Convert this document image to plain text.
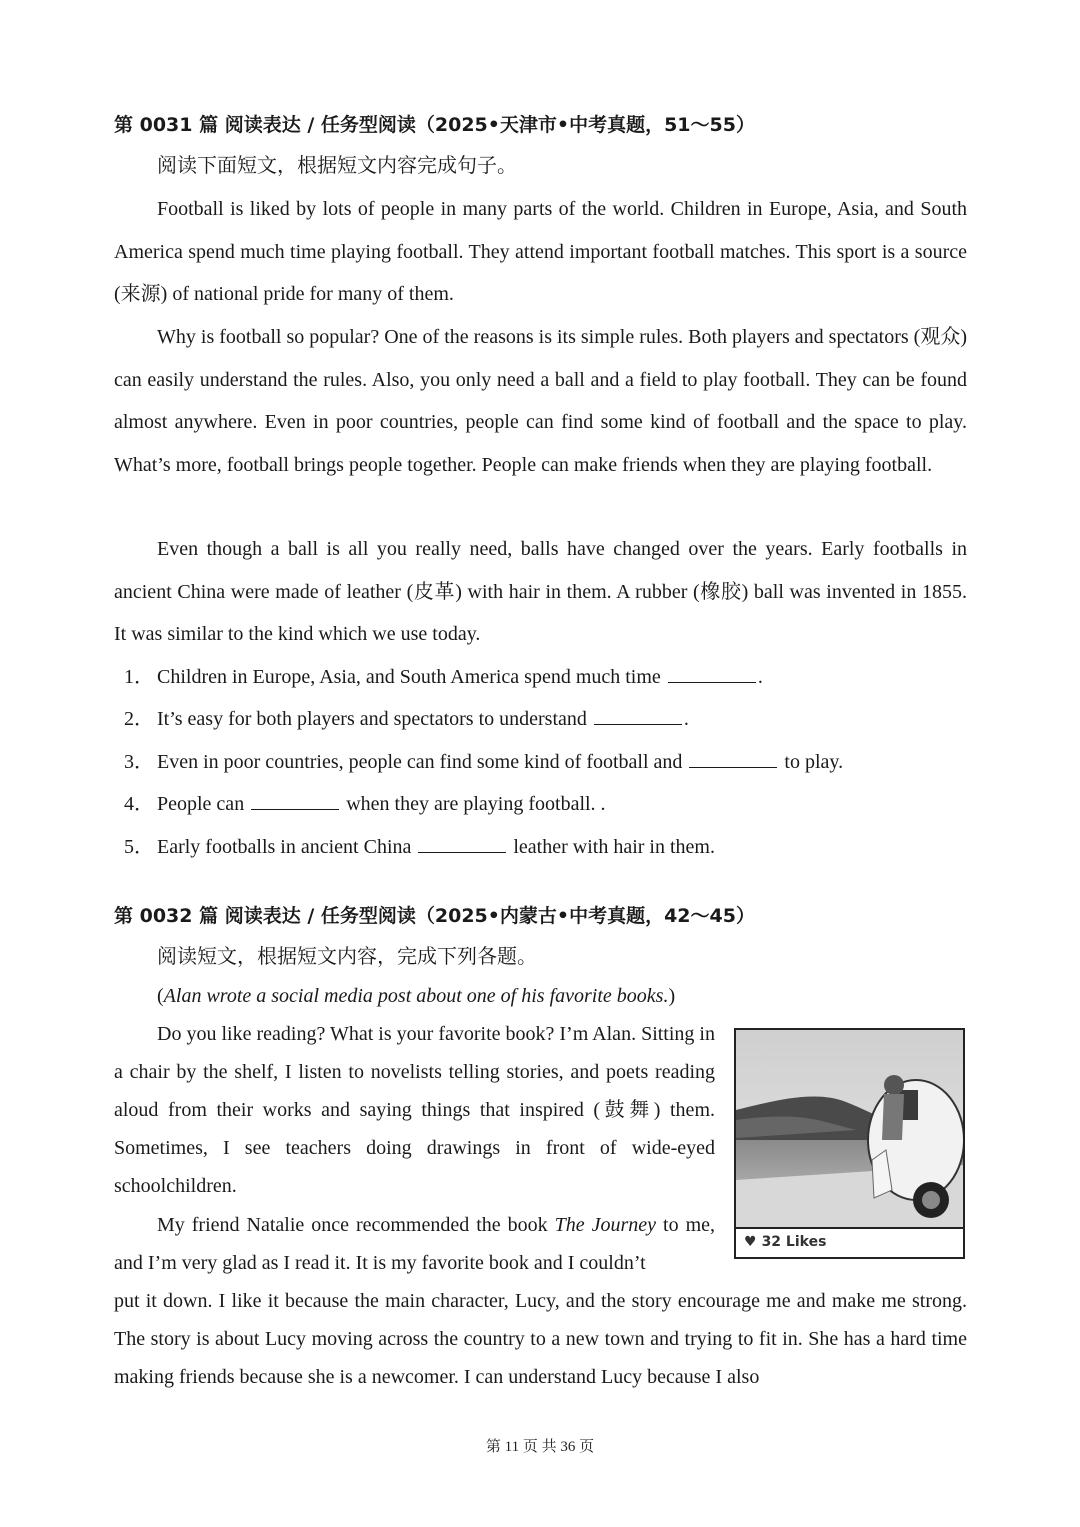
第 0031 篇 阅读表达 / 任务型阅读（2025•天津市•中考真题，51～55）
阅读下面短文，根据短文内容完成句子。
Football is liked by lots of people in many parts of the world. Children in Europe, Asia, and South America spend much time playing football. They attend important football matches. This sport is a source (来源) of national pride for many of them.
Why is football so popular? One of the reasons is its simple rules. Both players and spectators (观众) can easily understand the rules. Also, you only need a ball and a field to play football. They can be found almost anywhere. Even in poor countries, people can find some kind of football and the space to play. What’s more, football brings people together. People can make friends when they are playing football.
Even though a ball is all you really need, balls have changed over the years. Early footballs in ancient China were made of leather (皮革) with hair in them. A rubber (橡胶) ball was invented in 1855. It was similar to the kind which we use today.
1． Children in Europe, Asia, and South America spend much time	.
2． It’s easy for both players and spectators to understand	.
3． Even in poor countries, people can find some kind of football and	to play.
4． People can	when they are playing football. .
5． Early footballs in ancient China	leather with hair in them.
第 0032 篇 阅读表达 / 任务型阅读（2025•内蒙古•中考真题，42～45）
阅读短文，根据短文内容，完成下列各题。
(Alan wrote a social media post about one of his favorite books.)
Do you like reading? What is your favorite book? I’m Alan. Sitting in a chair by the shelf, I listen to novelists telling stories, and poets reading aloud from their works and saying things that inspired (鼓舞) them. Sometimes, I see teachers doing drawings in front of wide-eyed schoolchildren.
My friend Natalie once recommended the book The Journey to me, and I’m very glad as I read it. It is my favorite book and I couldn’t
put it down. I like it because the main character, Lucy, and the story encourage me and make me strong. The story is about Lucy moving across the country to a new town and trying to fit in. She has a hard time making friends because she is a newcomer. I can understand Lucy because I also
♥ 32 Likes
第 11 页 共 36 页
